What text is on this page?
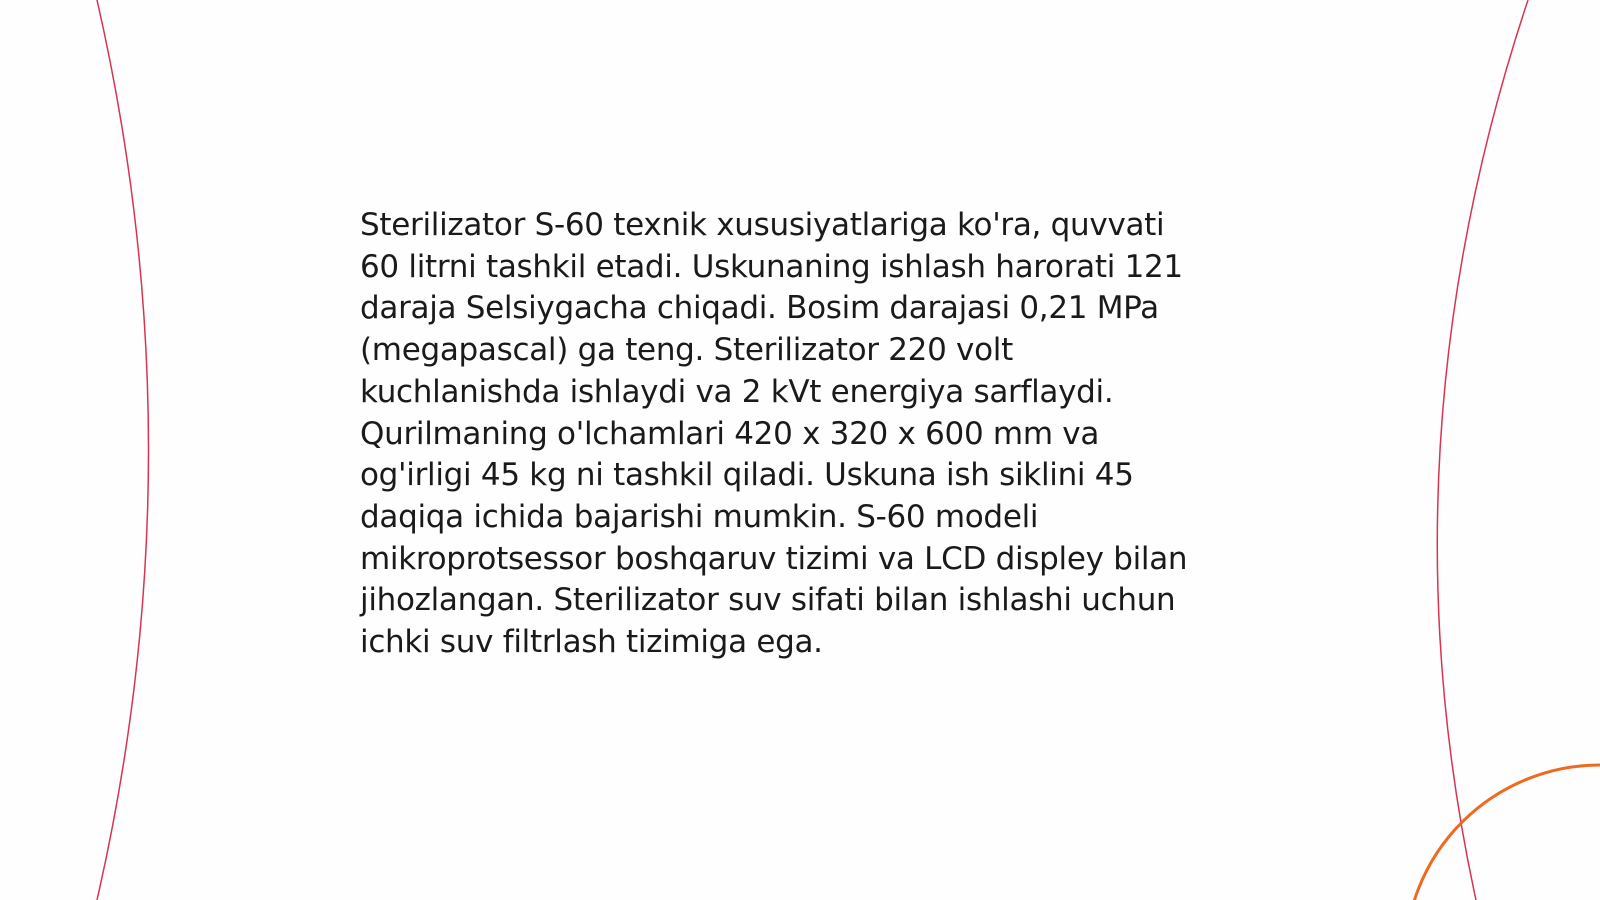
Sterilizator S-60 texnik xususiyatlariga ko'ra, quvvati
60 litrni tashkil etadi. Uskunaning ishlash harorati 121
daraja Selsiygacha chiqadi. Bosim darajasi 0,21 MPa
(megapascal) ga teng. Sterilizator 220 volt
kuchlanishda ishlaydi va 2 kVt energiya sarflaydi.
Qurilmaning o'lchamlari 420 x 320 x 600 mm va
og'irligi 45 kg ni tashkil qiladi. Uskuna ish siklini 45
daqiqa ichida bajarishi mumkin. S-60 modeli
mikroprotsessor boshqaruv tizimi va LCD displey bilan
jihozlangan. Sterilizator suv sifati bilan ishlashi uchun
ichki suv filtrlash tizimiga ega.
